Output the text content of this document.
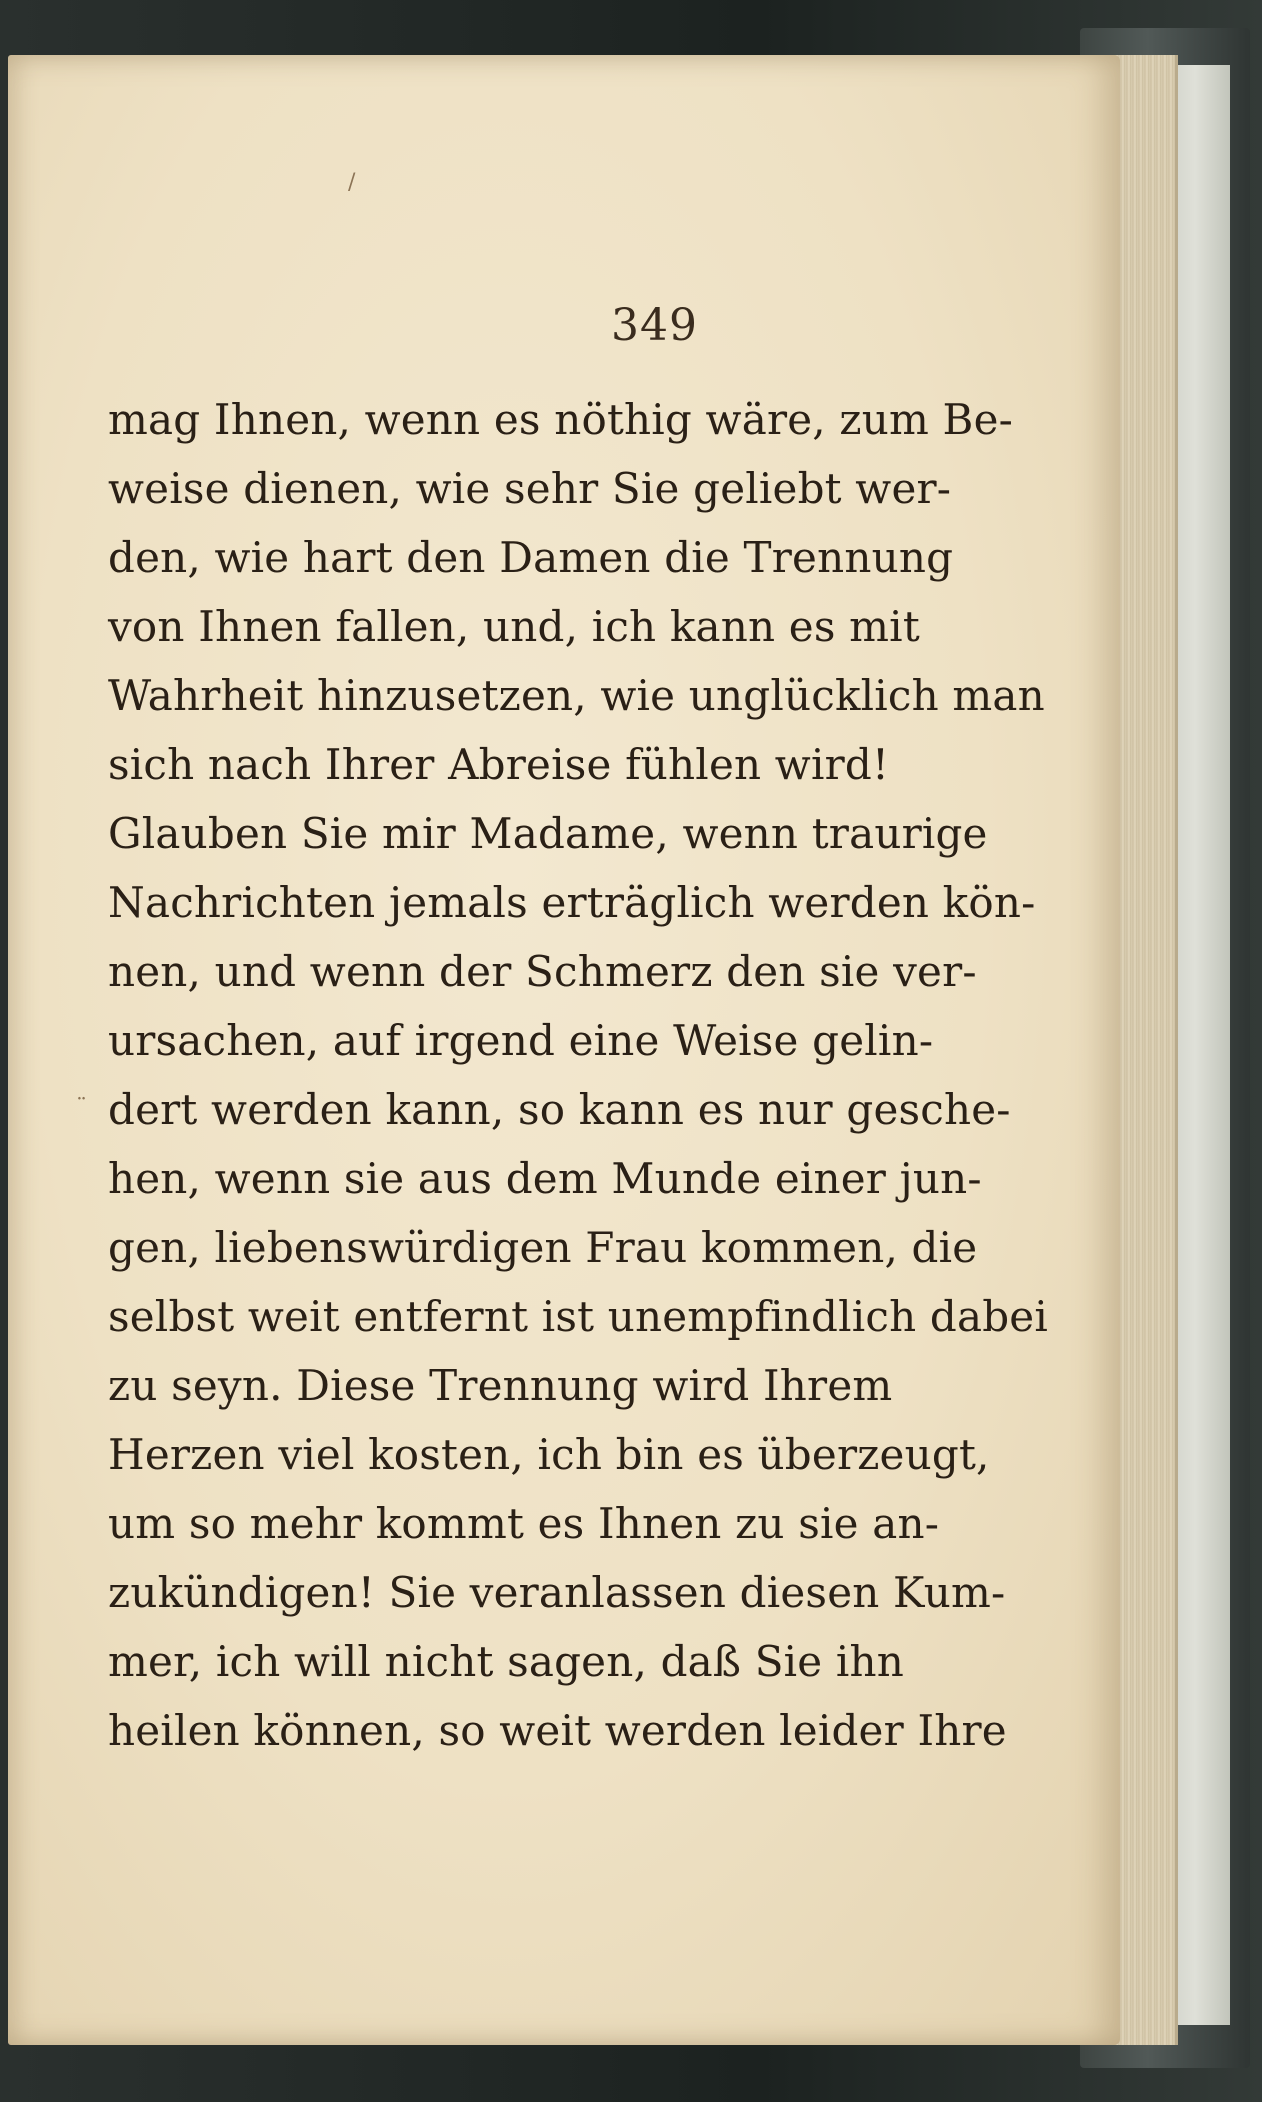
/
¨
349
mag Ihnen, wenn es nöthig wäre, zum Be-
weise dienen, wie sehr Sie geliebt wer-
den, wie hart den Damen die Trennung
von Ihnen fallen, und, ich kann es mit
Wahrheit hinzusetzen, wie unglücklich man
sich nach Ihrer Abreise fühlen wird!
Glauben Sie mir Madame, wenn traurige
Nachrichten jemals erträglich werden kön-
nen, und wenn der Schmerz den sie ver-
ursachen, auf irgend eine Weise gelin-
dert werden kann, so kann es nur gesche-
hen, wenn sie aus dem Munde einer jun-
gen, liebenswürdigen Frau kommen, die
selbst weit entfernt ist unempfindlich dabei
zu seyn. Diese Trennung wird Ihrem
Herzen viel kosten, ich bin es überzeugt,
um so mehr kommt es Ihnen zu sie an-
zukündigen! Sie veranlassen diesen Kum-
mer, ich will nicht sagen, daß Sie ihn
heilen können, so weit werden leider Ihre
